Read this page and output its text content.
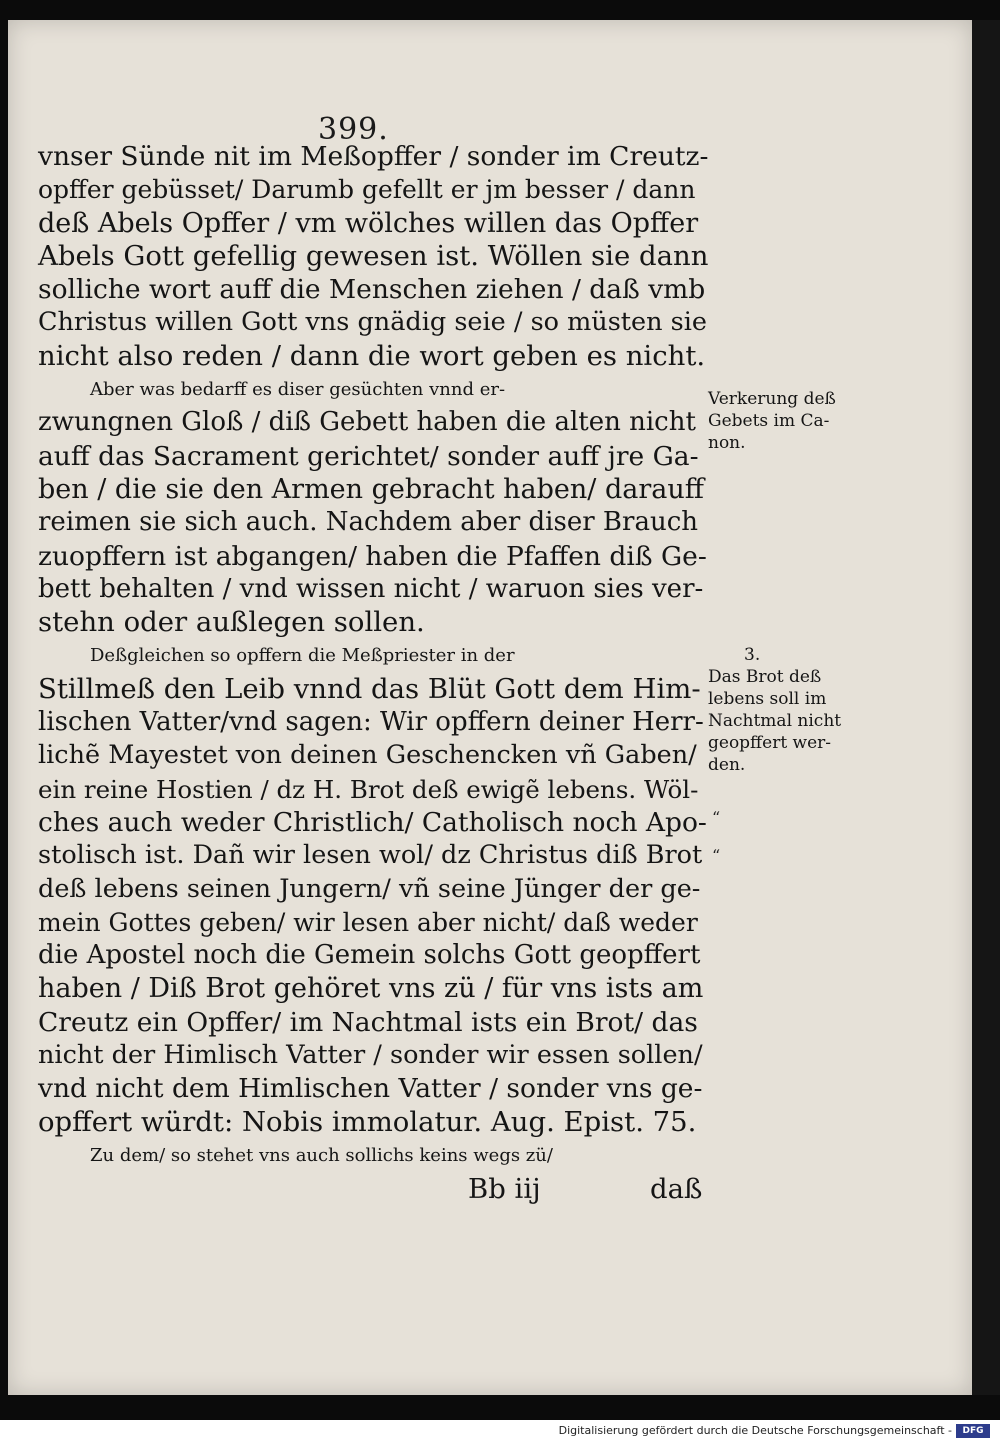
399.
vnser Sünde nit im Meßopffer / sonder im Creutz-
opffer gebüsset/ Darumb gefellt er jm besser / dann
deß Abels Opffer / vm wölches willen das Opffer
Abels Gott gefellig gewesen ist. Wöllen sie dann
solliche wort auff die Menschen ziehen / daß vmb
Christus willen Gott vns gnädig seie / so müsten sie
nicht also reden / dann die wort geben es nicht.
Aber was bedarff es diser gesüchten vnnd er-
zwungnen Gloß / diß Gebett haben die alten nicht
auff das Sacrament gerichtet/ sonder auff jre Ga-
ben / die sie den Armen gebracht haben/ darauff
reimen sie sich auch. Nachdem aber diser Brauch
zuopffern ist abgangen/ haben die Pfaffen diß Ge-
bett behalten / vnd wissen nicht / waruon sies ver-
stehn oder außlegen sollen.
Deßgleichen so opffern die Meßpriester in der
Stillmeß den Leib vnnd das Blüt Gott dem Him-
lischen Vatter/vnd sagen: Wir opffern deiner Herr-
lichẽ Mayestet von deinen Geschencken vñ Gaben/
ein reine Hostien / dz H. Brot deß ewigẽ lebens. Wöl-
ches auch weder Christlich/ Catholisch noch Apo-
stolisch ist. Dañ wir lesen wol/ dz Christus diß Brot
deß lebens seinen Jungern/ vñ seine Jünger der ge-
mein Gottes geben/ wir lesen aber nicht/ daß weder
die Apostel noch die Gemein solchs Gott geopffert
haben / Diß Brot gehöret vns zü / für vns ists am
Creutz ein Opffer/ im Nachtmal ists ein Brot/ das
nicht der Himlisch Vatter / sonder wir essen sollen/
vnd nicht dem Himlischen Vatter / sonder vns ge-
opffert würdt: Nobis immolatur. Aug. Epist. 75.
Zu dem/ so stehet vns auch sollichs keins wegs zü/
Verkerung deß
Gebets im Ca-
non.
3.
Das Brot deß
lebens soll im
Nachtmal nicht
geopffert wer-
den.
“
“
Bb iij	daß
Digitalisierung gefördert durch die Deutsche Forschungsgemeinschaft -	DFG
